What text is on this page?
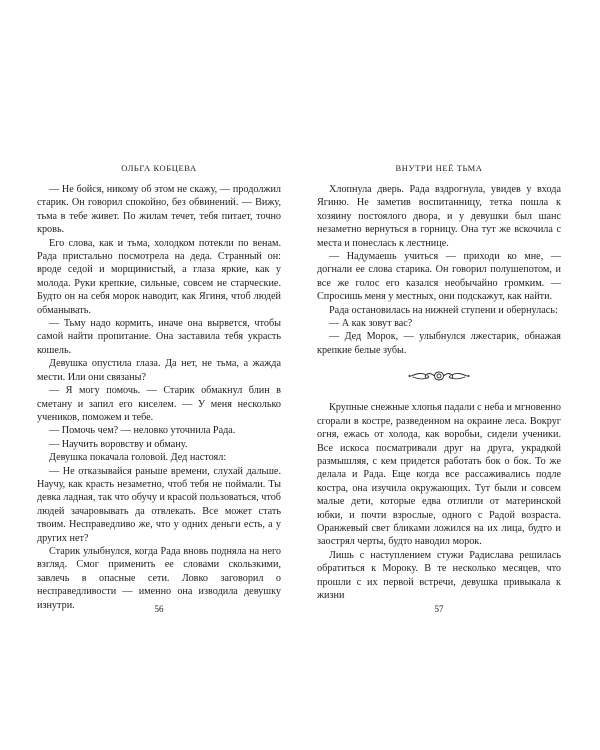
ОЛЬГА КОБЦЕВА

— Не бойся, никому об этом не скажу, — продолжил старик. Он говорил спокойно, без обвинений. — Вижу, тьма в тебе живет. По жилам течет, тебя питает, точно кровь.

Его слова, как и тьма, холодком потекли по венам. Рада пристально посмотрела на деда. Странный он: вроде седой и морщинистый, а глаза яркие, как у молода. Руки крепкие, сильные, совсем не старческие. Будто он на себя морок наводит, как Ягиня, чтоб людей обманывать.

— Тьму надо кормить, иначе она вырвется, чтобы самой найти пропитание. Она заставила тебя украсть кошель.

Девушка опустила глаза. Да нет, не тьма, а жажда мести. Или они связаны?

— Я могу помочь. — Старик обмакнул блин в сметану и запил его киселем. — У меня несколько учеников, поможем и тебе.

— Помочь чем? — неловко уточнила Рада.

— Научить воровству и обману.

Девушка покачала головой. Дед настоял:

— Не отказывайся раньше времени, слухай дальше. Научу, как красть незаметно, чтоб тебя не поймали. Ты девка ладная, так что обучу и красой пользоваться, чтоб людей зачаровывать да отвлекать. Все может стать твоим. Несправедливо же, что у одних деньги есть, а у других нет?

Старик улыбнулся, когда Рада вновь подняла на него взгляд. Смог применить ее словами скользкими, завлечь в опасные сети. Ловко заговорил о несправедливости — именно она изводила девушку изнутри.	56
ВНУТРИ НЕЁ ТЬМА

Хлопнула дверь. Рада вздрогнула, увидев у входа Ягиню. Не заметив воспитанницу, тетка пошла к хозяину постоялого двора, и у девушки был шанс незаметно вернуться в горницу. Она тут же вскочила с места и понеслась к лестнице.

— Надумаешь учиться — приходи ко мне, — догнали ее слова старика. Он говорил полушепотом, и все же голос его казался необычайно громким. — Спросишь меня у местных, они подскажут, как найти.

Рада остановилась на нижней ступени и обернулась:

— А как зовут вас?

— Дед Морок, — улыбнулся лжестарик, обнажая крепкие белые зубы.

Крупные снежные хлопья падали с неба и мгновенно сгорали в костре, разведенном на окраине леса. Вокруг огня, ежась от холода, как воробьи, сидели ученики. Все искоса посматривали друг на друга, украдкой размышляя, с кем придется работать бок о бок. То же делала и Рада. Еще когда все рассаживались подле костра, она изучила окружающих. Тут были и совсем малые дети, которые едва отлипли от материнской юбки, и почти взрослые, одного с Радой возраста. Оранжевый свет бликами ложился на их лица, будто и заострял черты, будто наводил морок.

Лишь с наступлением стужи Радислава решилась обратиться к Мороку. В те несколько месяцев, что прошли с их первой встречи, девушка привыкала к жизни

57
